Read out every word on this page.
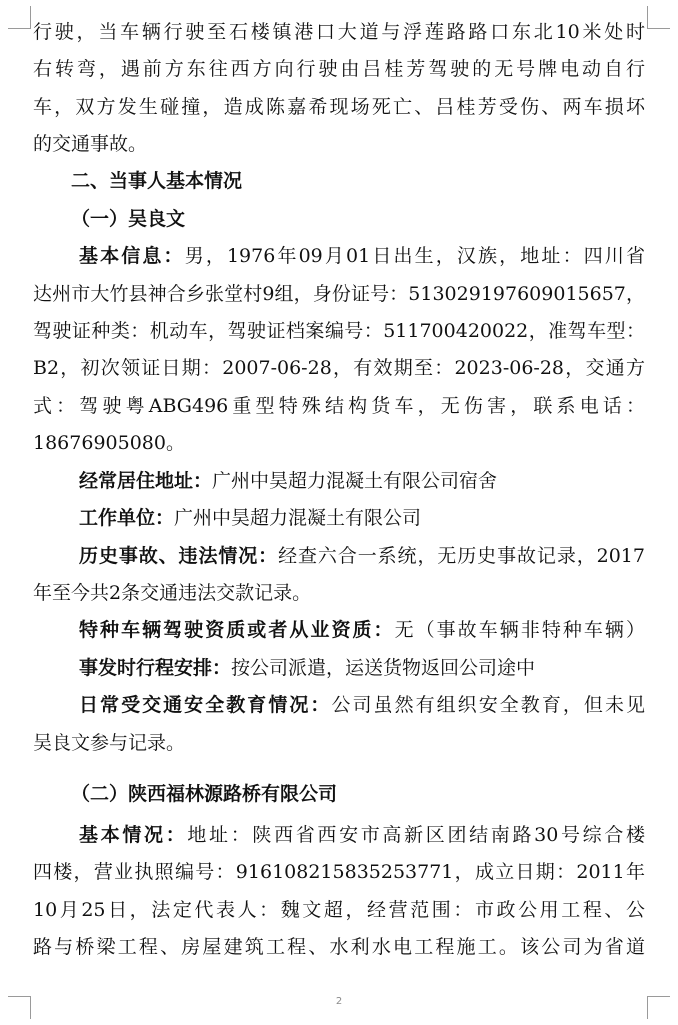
行驶，当车辆行驶至石楼镇港口大道与浮莲路路口东北10米处时
右转弯，遇前方东往西方向行驶由吕桂芳驾驶的无号牌电动自行
车，双方发生碰撞，造成陈嘉希现场死亡、吕桂芳受伤、两车损坏
的交通事故。
二、当事人基本情况
（一）吴良文
基本信息：男，1976年09月01日出生，汉族，地址：四川省
达州市大竹县神合乡张堂村9组，身份证号：513029197609015657，
驾驶证种类：机动车，驾驶证档案编号：511700420022，准驾车型：
B2，初次领证日期：2007-06-28，有效期至：2023-06-28，交通方
式：驾驶粤ABG496重型特殊结构货车，无伤害，联系电话：
18676905080。
经常居住地址：广州中昊超力混凝土有限公司宿舍
工作单位：广州中昊超力混凝土有限公司
历史事故、违法情况：经查六合一系统，无历史事故记录，2017
年至今共2条交通违法交款记录。
特种车辆驾驶资质或者从业资质：无（事故车辆非特种车辆）
事发时行程安排：按公司派遣，运送货物返回公司途中
日常受交通安全教育情况：公司虽然有组织安全教育，但未见
吴良文参与记录。
（二）陕西福林源路桥有限公司
基本情况：地址：陕西省西安市高新区团结南路30号综合楼
四楼，营业执照编号：916108215835253771，成立日期：2011年
10月25日，法定代表人：魏文超，经营范围：市政公用工程、公
路与桥梁工程、房屋建筑工程、水利水电工程施工。该公司为省道
2
